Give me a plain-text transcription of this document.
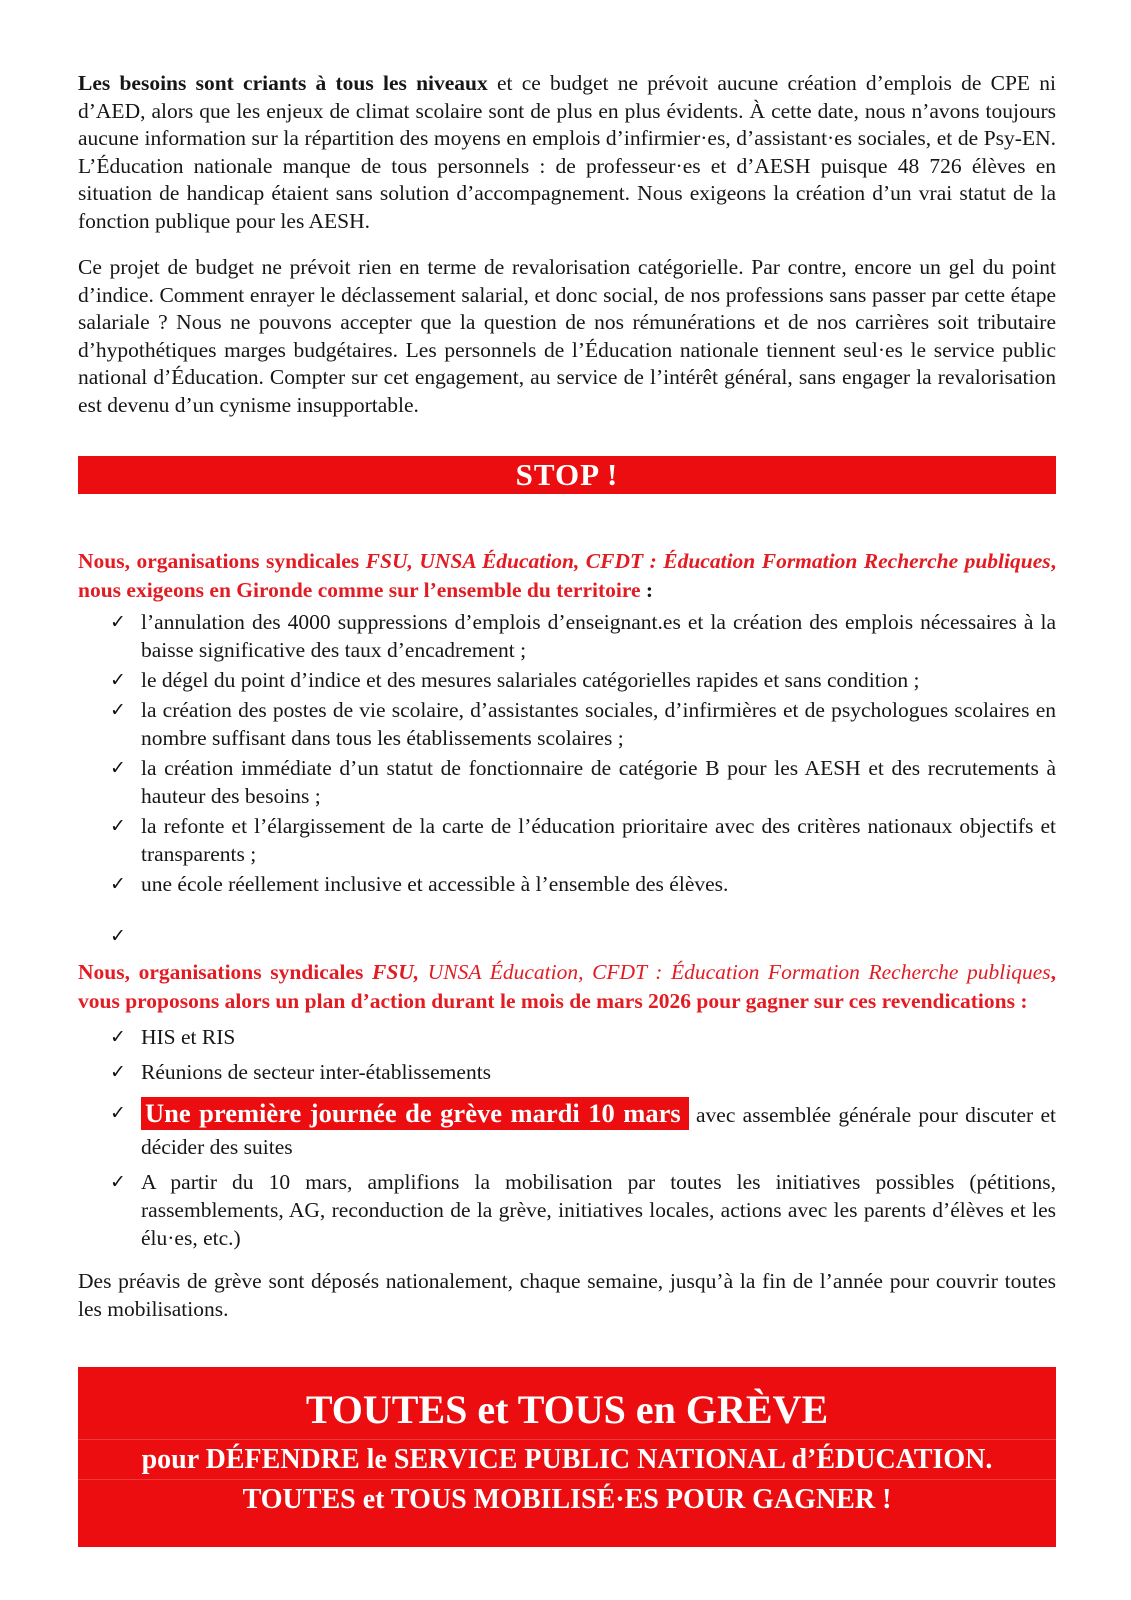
Les besoins sont criants à tous les niveaux et ce budget ne prévoit aucune création d’emplois de CPE ni d’AED, alors que les enjeux de climat scolaire sont de plus en plus évidents. À cette date, nous n’avons toujours aucune information sur la répartition des moyens en emplois d’infirmier·es, d’assistant·es sociales, et de Psy-EN. L’Éducation nationale manque de tous personnels : de professeur·es et d’AESH puisque 48 726 élèves en situation de handicap étaient sans solution d’accompagnement. Nous exigeons la création d’un vrai statut de la fonction publique pour les AESH.

Ce projet de budget ne prévoit rien en terme de revalorisation catégorielle. Par contre, encore un gel du point d’indice. Comment enrayer le déclassement salarial, et donc social, de nos professions sans passer par cette étape salariale ? Nous ne pouvons accepter que la question de nos rémunérations et de nos carrières soit tributaire d’hypothétiques marges budgétaires. Les personnels de l’Éducation nationale tiennent seul·es le service public national d’Éducation. Compter sur cet engagement, au service de l’intérêt général, sans engager la revalorisation est devenu d’un cynisme insupportable.

STOP !

Nous, organisations syndicales FSU, UNSA Éducation, CFDT : Éducation Formation Recherche publiques, nous exigeons en Gironde comme sur l’ensemble du territoire :

✓ l’annulation des 4000 suppressions d’emplois d’enseignant.es et la création des emplois nécessaires à la baisse significative des taux d’encadrement ;
✓ le dégel du point d’indice et des mesures salariales catégorielles rapides et sans condition ;
✓ la création des postes de vie scolaire, d’assistantes sociales, d’infirmières et de psychologues scolaires en nombre suffisant dans tous les établissements scolaires ;
✓ la création immédiate d’un statut de fonctionnaire de catégorie B pour les AESH et des recrutements à hauteur des besoins ;
✓ la refonte et l’élargissement de la carte de l’éducation prioritaire avec des critères nationaux objectifs et transparents ;
✓ une école réellement inclusive et accessible à l’ensemble des élèves.
✓

Nous, organisations syndicales FSU, UNSA Éducation, CFDT : Éducation Formation Recherche publiques, vous proposons alors un plan d’action durant le mois de mars 2026 pour gagner sur ces revendications :

✓ HIS et RIS
✓ Réunions de secteur inter-établissements
✓ Une première journée de grève mardi 10 mars avec assemblée générale pour discuter et décider des suites
✓ A partir du 10 mars, amplifions la mobilisation par toutes les initiatives possibles (pétitions, rassemblements, AG, reconduction de la grève, initiatives locales, actions avec les parents d’élèves et les élu·es, etc.)

Des préavis de grève sont déposés nationalement, chaque semaine, jusqu’à la fin de l’année pour couvrir toutes les mobilisations.

TOUTES et TOUS en GRÈVE
pour DÉFENDRE le SERVICE PUBLIC NATIONAL d’ÉDUCATION.
TOUTES et TOUS MOBILISÉ·ES POUR GAGNER !
